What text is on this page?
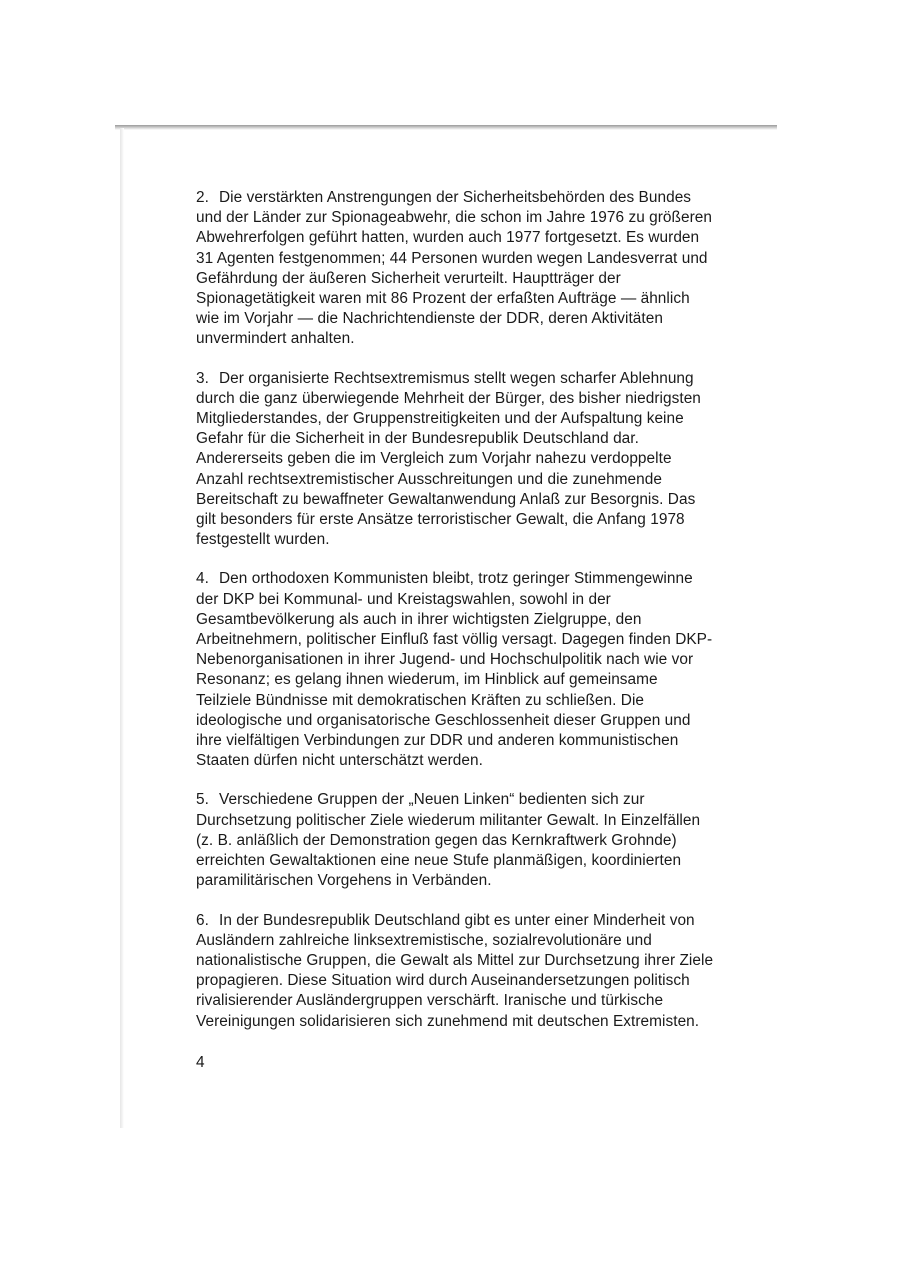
2. Die verstärkten Anstrengungen der Sicherheitsbehörden des Bundes und der Länder zur Spionageabwehr, die schon im Jahre 1976 zu größeren Abwehrerfolgen geführt hatten, wurden auch 1977 fortgesetzt. Es wurden 31 Agenten festgenommen; 44 Personen wurden wegen Landesverrat und Gefährdung der äußeren Sicherheit verurteilt. Hauptträger der Spionagetätigkeit waren mit 86 Prozent der erfaßten Aufträge — ähnlich wie im Vorjahr — die Nachrichtendienste der DDR, deren Aktivitäten unvermindert anhalten.

3. Der organisierte Rechtsextremismus stellt wegen scharfer Ablehnung durch die ganz überwiegende Mehrheit der Bürger, des bisher niedrigsten Mitgliederstandes, der Gruppenstreitigkeiten und der Aufspaltung keine Gefahr für die Sicherheit in der Bundesrepublik Deutschland dar. Andererseits geben die im Vergleich zum Vorjahr nahezu verdoppelte Anzahl rechtsextremistischer Ausschreitungen und die zunehmende Bereitschaft zu bewaffneter Gewaltanwendung Anlaß zur Besorgnis. Das gilt besonders für erste Ansätze terroristischer Gewalt, die Anfang 1978 festgestellt wurden.

4. Den orthodoxen Kommunisten bleibt, trotz geringer Stimmengewinne der DKP bei Kommunal- und Kreistagswahlen, sowohl in der Gesamtbevölkerung als auch in ihrer wichtigsten Zielgruppe, den Arbeitnehmern, politischer Einfluß fast völlig versagt. Dagegen finden DKP-Nebenorganisationen in ihrer Jugend- und Hochschulpolitik nach wie vor Resonanz; es gelang ihnen wiederum, im Hinblick auf gemeinsame Teilziele Bündnisse mit demokratischen Kräften zu schließen. Die ideologische und organisatorische Geschlossenheit dieser Gruppen und ihre vielfältigen Verbindungen zur DDR und anderen kommunistischen Staaten dürfen nicht unterschätzt werden.

5. Verschiedene Gruppen der „Neuen Linken“ bedienten sich zur Durchsetzung politischer Ziele wiederum militanter Gewalt. In Einzelfällen (z. B. anläßlich der Demonstration gegen das Kernkraftwerk Grohnde) erreichten Gewaltaktionen eine neue Stufe planmäßigen, koordinierten paramilitärischen Vorgehens in Verbänden.

6. In der Bundesrepublik Deutschland gibt es unter einer Minderheit von Ausländern zahlreiche linksextremistische, sozialrevolutionäre und nationalistische Gruppen, die Gewalt als Mittel zur Durchsetzung ihrer Ziele propagieren. Diese Situation wird durch Auseinandersetzungen politisch rivalisierender Ausländergruppen verschärft. Iranische und türkische Vereinigungen solidarisieren sich zunehmend mit deutschen Extremisten.

4
